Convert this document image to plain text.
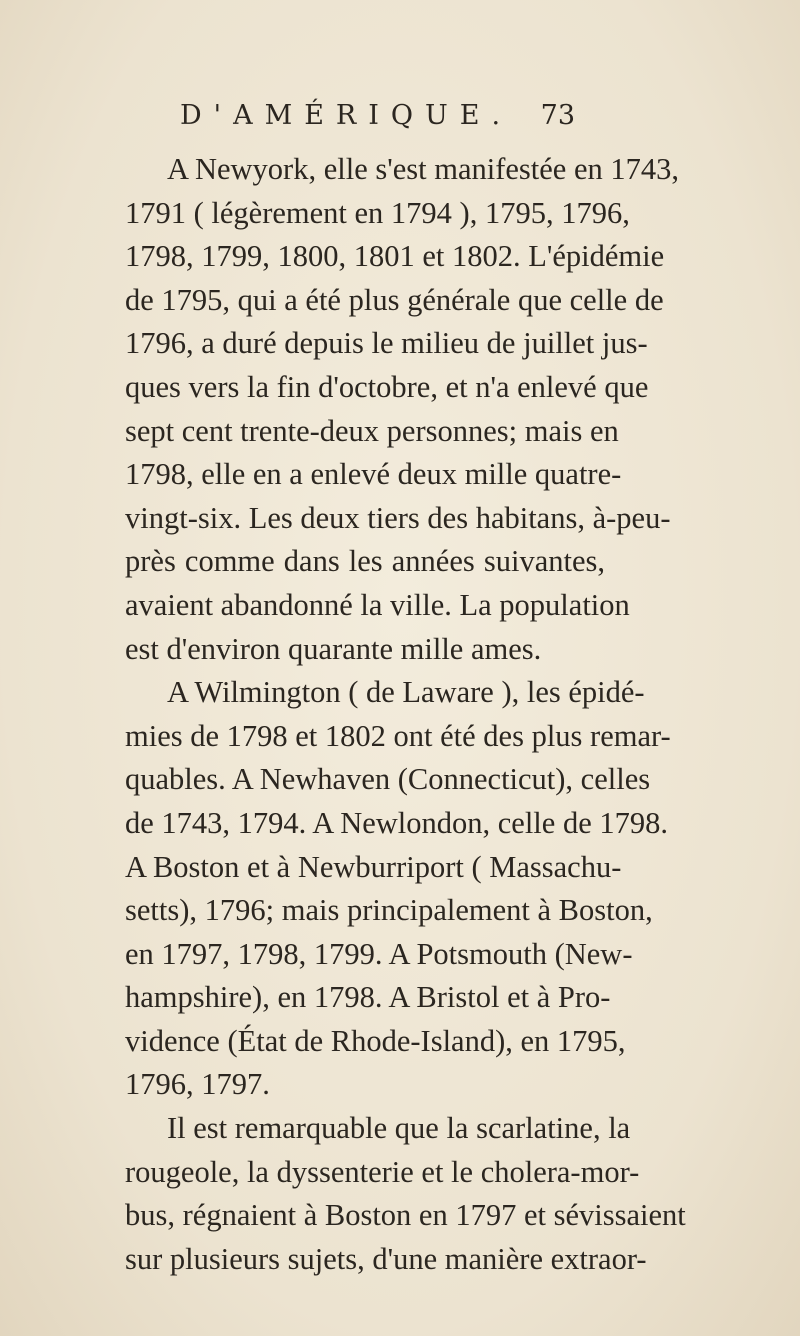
D'AMÉRIQUE. 73
A Newyork, elle s'est manifestée en 1743,
1791 ( légèrement en 1794 ), 1795, 1796,
1798, 1799, 1800, 1801 et 1802. L'épidémie
de 1795, qui a été plus générale que celle de
1796, a duré depuis le milieu de juillet jus-
ques vers la fin d'octobre, et n'a enlevé que
sept cent trente-deux personnes; mais en
1798, elle en a enlevé deux mille quatre-
vingt-six. Les deux tiers des habitans, à-peu-
près comme dans les années suivantes,
avaient abandonné la ville. La population
est d'environ quarante mille ames.
A Wilmington ( de Laware ), les épidé-
mies de 1798 et 1802 ont été des plus remar-
quables. A Newhaven (Connecticut), celles
de 1743, 1794. A Newlondon, celle de 1798.
A Boston et à Newburriport ( Massachu-
setts), 1796; mais principalement à Boston,
en 1797, 1798, 1799. A Potsmouth (New-
hampshire), en 1798. A Bristol et à Pro-
vidence (État de Rhode-Island), en 1795,
1796, 1797.
Il est remarquable que la scarlatine, la
rougeole, la dyssenterie et le cholera-mor-
bus, régnaient à Boston en 1797 et sévissaient
sur plusieurs sujets, d'une manière extraor-
